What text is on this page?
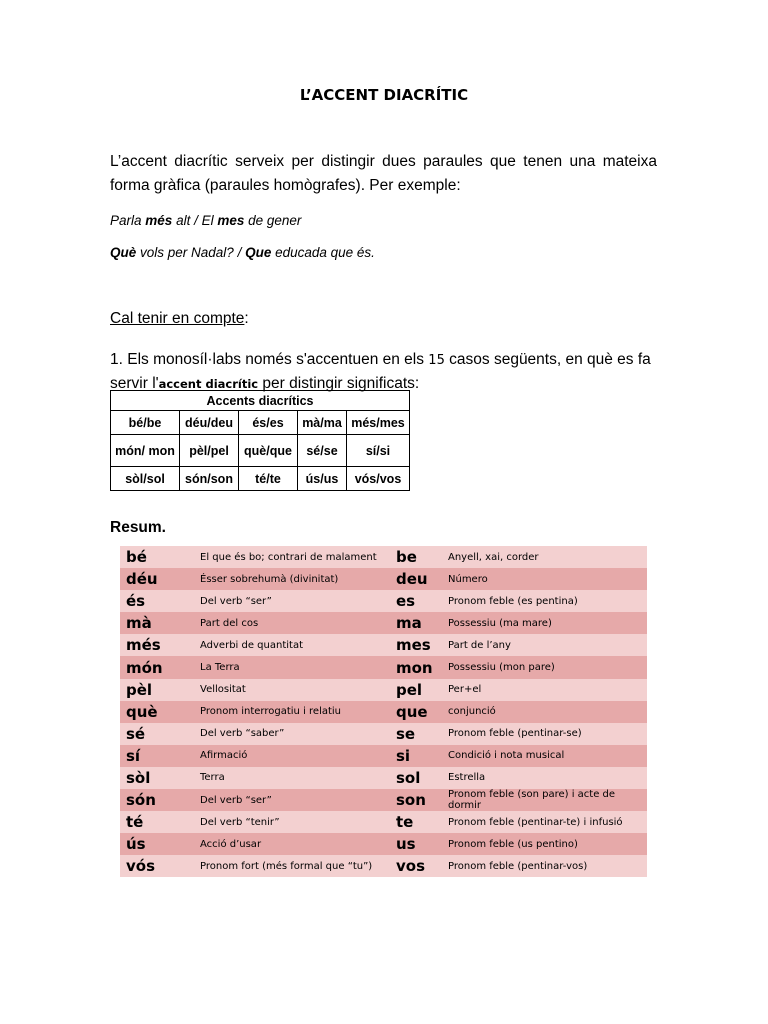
L’ACCENT DIACRÍTIC
L’accent diacrític serveix per distingir dues paraules que tenen una mateixa forma gràfica (paraules homògrafes). Per exemple:
Parla més alt / El mes de gener
Què vols per Nadal? / Que educada que és.
Cal tenir en compte:
1. Els monosíl·labs només s'accentuen en els 15 casos següents, en què es fa servir l'accent diacrític per distingir significats:
Accents diacrítics				
bé/be	déu/deu	és/es	mà/ma	més/mes
món/ mon	pèl/pel	què/que	sé/se	sí/si
sòl/sol	són/son	té/te	ús/us	vós/vos
Resum.
bé	El que és bo; contrari de malament	be	Anyell, xai, corder
déu	Ésser sobrehumà (divinitat)	deu	Número
és	Del verb “ser”	es	Pronom feble (es pentina)
mà	Part del cos	ma	Possessiu (ma mare)
més	Adverbi de quantitat	mes	Part de l’any
món	La Terra	mon	Possessiu (mon pare)
pèl	Vellositat	pel	Per+el
què	Pronom interrogatiu i relatiu	que	conjunció
sé	Del verb “saber”	se	Pronom feble (pentinar-se)
sí	Afirmació	si	Condició i nota musical
sòl	Terra	sol	Estrella
són	Del verb “ser”	son	Pronom feble (son pare) i acte de dormir
té	Del verb “tenir”	te	Pronom feble (pentinar-te) i infusió
ús	Acció d’usar	us	Pronom feble (us pentino)
vós	Pronom fort (més formal que “tu”)	vos	Pronom feble (pentinar-vos)
